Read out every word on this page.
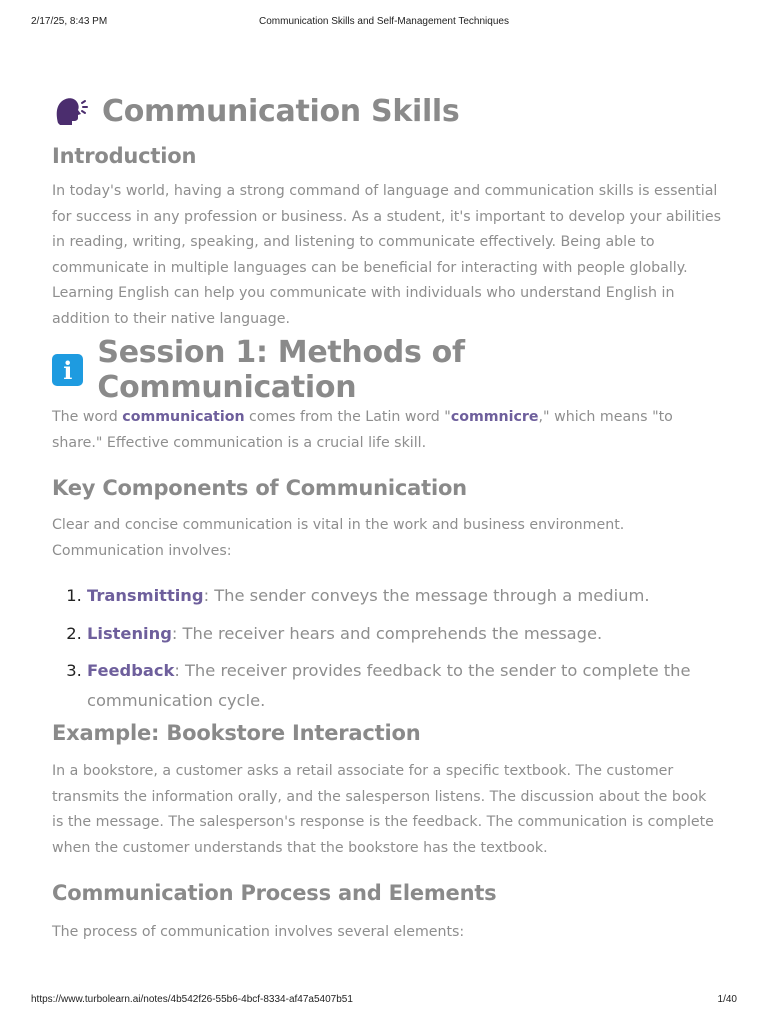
2/17/25, 8:43 PM	Communication Skills and Self-Management Techniques
Communication Skills
Introduction

In today's world, having a strong command of language and communication skills is essential for success in any profession or business. As a student, it's important to develop your abilities in reading, writing, speaking, and listening to communicate effectively. Being able to communicate in multiple languages can be beneficial for interacting with people globally. Learning English can help you communicate with individuals who understand English in addition to their native language.

i Session 1: Methods of Communication

The word communication comes from the Latin word "commnicre," which means "to share." Effective communication is a crucial life skill.

Key Components of Communication

Clear and concise communication is vital in the work and business environment. Communication involves:

1. Transmitting: The sender conveys the message through a medium.
2. Listening: The receiver hears and comprehends the message.
3. Feedback: The receiver provides feedback to the sender to complete the communication cycle.
Example: Bookstore Interaction

In a bookstore, a customer asks a retail associate for a specific textbook. The customer transmits the information orally, and the salesperson listens. The discussion about the book is the message. The salesperson's response is the feedback. The communication is complete when the customer understands that the bookstore has the textbook.

Communication Process and Elements

The process of communication involves several elements:

https://www.turbolearn.ai/notes/4b542f26-55b6-4bcf-8334-af47a5407b51	1/40
